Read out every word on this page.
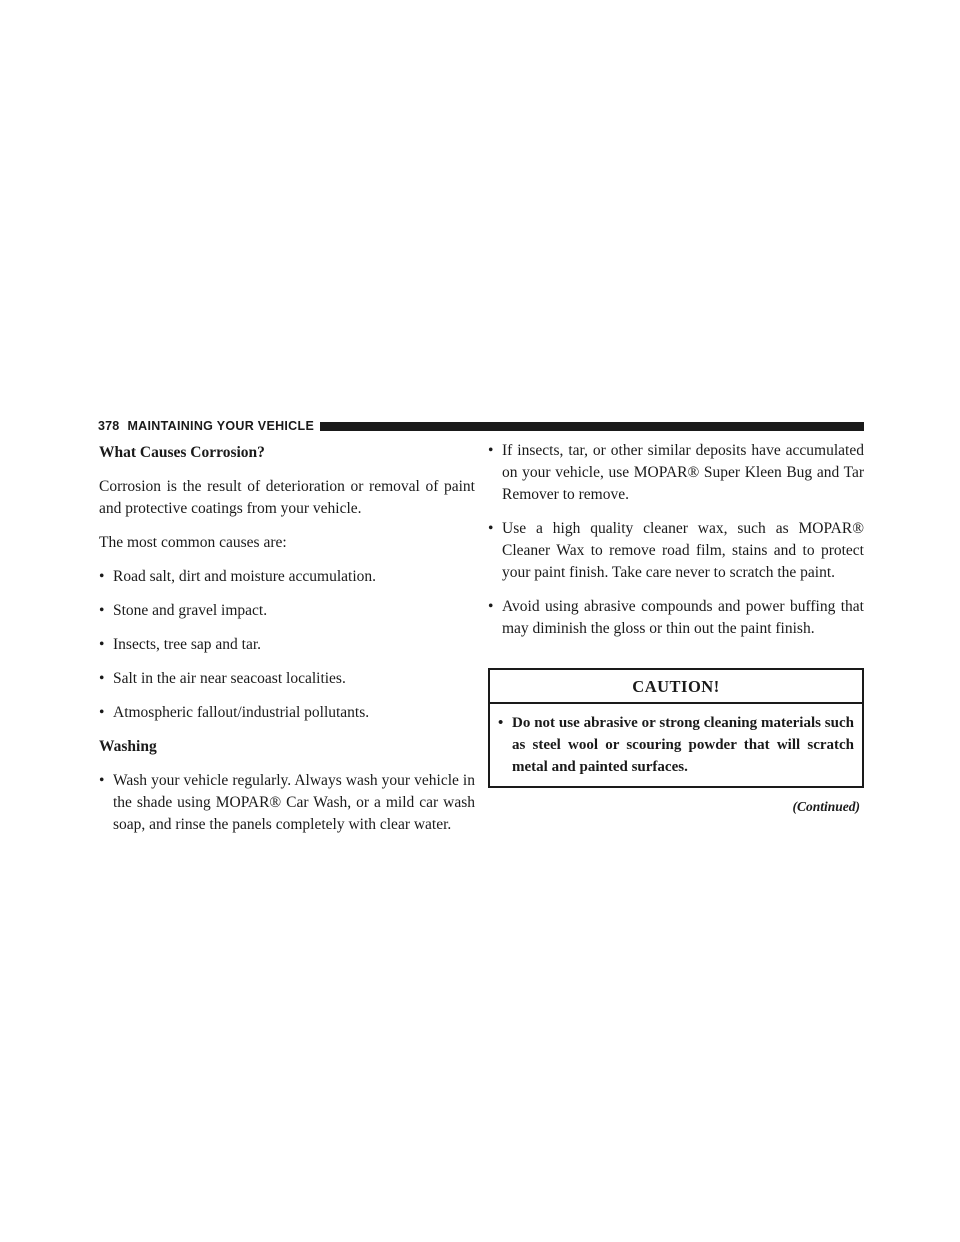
378 MAINTAINING YOUR VEHICLE
What Causes Corrosion?

Corrosion is the result of deterioration or removal of paint and protective coatings from your vehicle.

The most common causes are:

• Road salt, dirt and moisture accumulation.
• Stone and gravel impact.
• Insects, tree sap and tar.
• Salt in the air near seacoast localities.
• Atmospheric fallout/industrial pollutants.
Washing
• Wash your vehicle regularly. Always wash your vehicle in the shade using MOPAR® Car Wash, or a mild car wash soap, and rinse the panels completely with clear water.
• If insects, tar, or other similar deposits have accumulated on your vehicle, use MOPAR® Super Kleen Bug and Tar Remover to remove.
• Use a high quality cleaner wax, such as MOPAR® Cleaner Wax to remove road film, stains and to protect your paint finish. Take care never to scratch the paint.
• Avoid using abrasive compounds and power buffing that may diminish the gloss or thin out the paint finish.
CAUTION!
• Do not use abrasive or strong cleaning materials such as steel wool or scouring powder that will scratch metal and painted surfaces.
(Continued)
